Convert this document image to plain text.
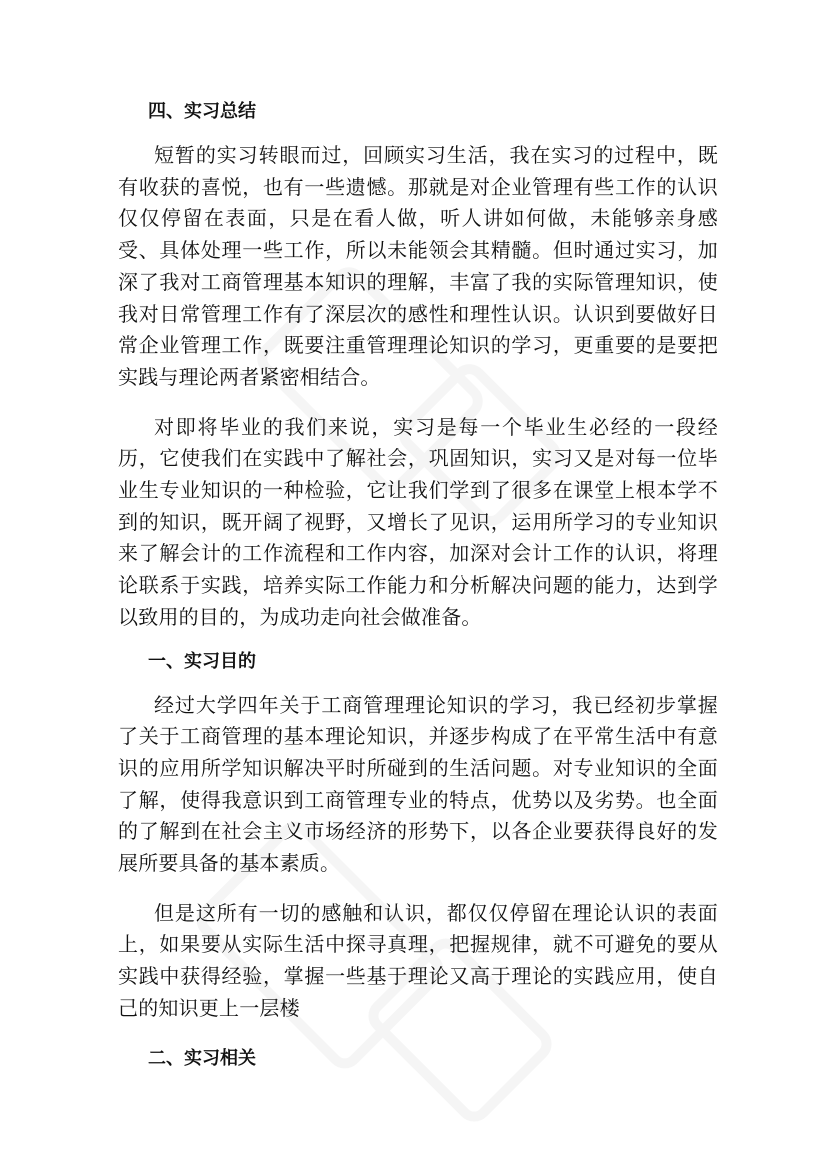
四、实习总结

短暂的实习转眼而过，回顾实习生活，我在实习的过程中，既有收获的喜悦，也有一些遗憾。那就是对企业管理有些工作的认识仅仅停留在表面，只是在看人做，听人讲如何做，未能够亲身感受、具体处理一些工作，所以未能领会其精髓。但时通过实习，加深了我对工商管理基本知识的理解，丰富了我的实际管理知识，使我对日常管理工作有了深层次的感性和理性认识。认识到要做好日常企业管理工作，既要注重管理理论知识的学习，更重要的是要把实践与理论两者紧密相结合。

对即将毕业的我们来说，实习是每一个毕业生必经的一段经历，它使我们在实践中了解社会，巩固知识，实习又是对每一位毕业生专业知识的一种检验，它让我们学到了很多在课堂上根本学不到的知识，既开阔了视野，又增长了见识，运用所学习的专业知识来了解会计的工作流程和工作内容，加深对会计工作的认识，将理论联系于实践，培养实际工作能力和分析解决问题的能力，达到学以致用的目的，为成功走向社会做准备。

一、实习目的

经过大学四年关于工商管理理论知识的学习，我已经初步掌握了关于工商管理的基本理论知识，并逐步构成了在平常生活中有意识的应用所学知识解决平时所碰到的生活问题。对专业知识的全面了解，使得我意识到工商管理专业的特点，优势以及劣势。也全面的了解到在社会主义市场经济的形势下，以各企业要获得良好的发展所要具备的基本素质。

但是这所有一切的感触和认识，都仅仅停留在理论认识的表面上，如果要从实际生活中探寻真理，把握规律，就不可避免的要从实践中获得经验，掌握一些基于理论又高于理论的实践应用，使自己的知识更上一层楼

二、实习相关
